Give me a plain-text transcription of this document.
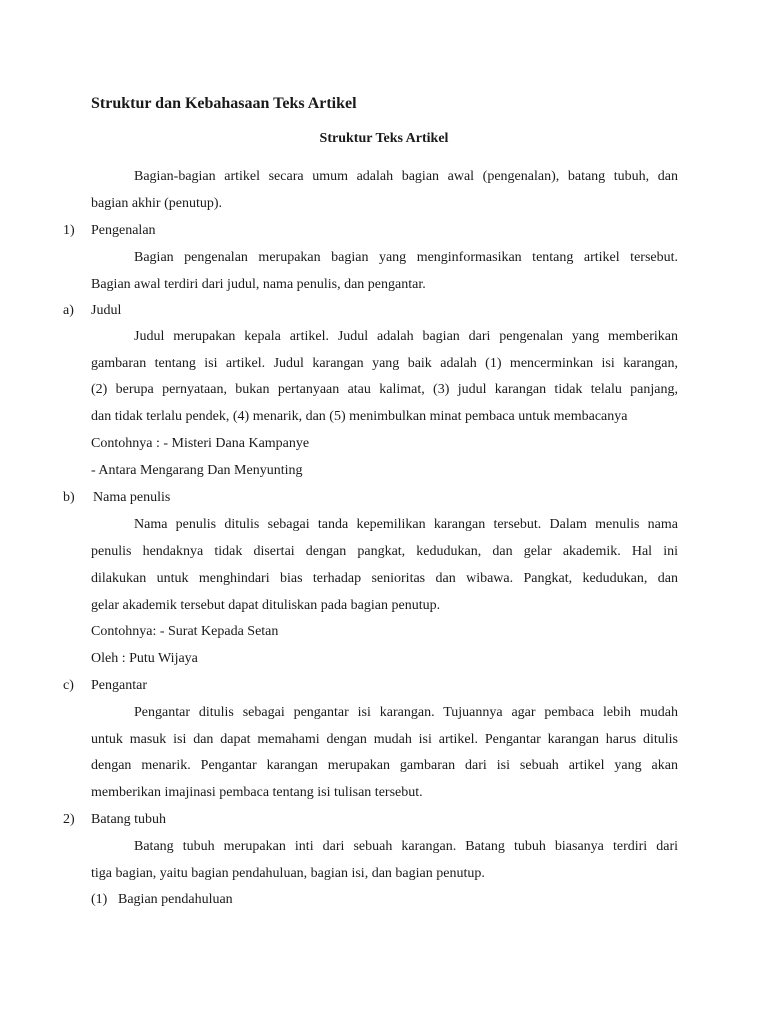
Struktur dan Kebahasaan Teks Artikel
Struktur Teks Artikel
Bagian-bagian artikel secara umum adalah bagian awal (pengenalan), batang tubuh, dan
bagian akhir (penutup).
1) Pengenalan
Bagian pengenalan merupakan bagian yang menginformasikan tentang artikel tersebut.
Bagian awal terdiri dari judul, nama penulis, dan pengantar.
a) Judul
Judul merupakan kepala artikel. Judul adalah bagian dari pengenalan yang memberikan
gambaran tentang isi artikel. Judul karangan yang baik adalah (1) mencerminkan isi karangan,
(2) berupa pernyataan, bukan pertanyaan atau kalimat, (3) judul karangan tidak telalu panjang,
dan tidak terlalu pendek, (4) menarik, dan (5) menimbulkan minat pembaca untuk membacanya
Contohnya : - Misteri Dana Kampanye
- Antara Mengarang Dan Menyunting
b) Nama penulis
Nama penulis ditulis sebagai tanda kepemilikan karangan tersebut. Dalam menulis nama
penulis hendaknya tidak disertai dengan pangkat, kedudukan, dan gelar akademik. Hal ini
dilakukan untuk menghindari bias terhadap senioritas dan wibawa. Pangkat, kedudukan, dan
gelar akademik tersebut dapat dituliskan pada bagian penutup.
Contohnya: - Surat Kepada Setan
Oleh : Putu Wijaya
c) Pengantar
Pengantar ditulis sebagai pengantar isi karangan. Tujuannya agar pembaca lebih mudah
untuk masuk isi dan dapat memahami dengan mudah isi artikel. Pengantar karangan harus ditulis
dengan menarik. Pengantar karangan merupakan gambaran dari isi sebuah artikel yang akan
memberikan imajinasi pembaca tentang isi tulisan tersebut.
2) Batang tubuh
Batang tubuh merupakan inti dari sebuah karangan. Batang tubuh biasanya terdiri dari
tiga bagian, yaitu bagian pendahuluan, bagian isi, dan bagian penutup.
(1) Bagian pendahuluan
